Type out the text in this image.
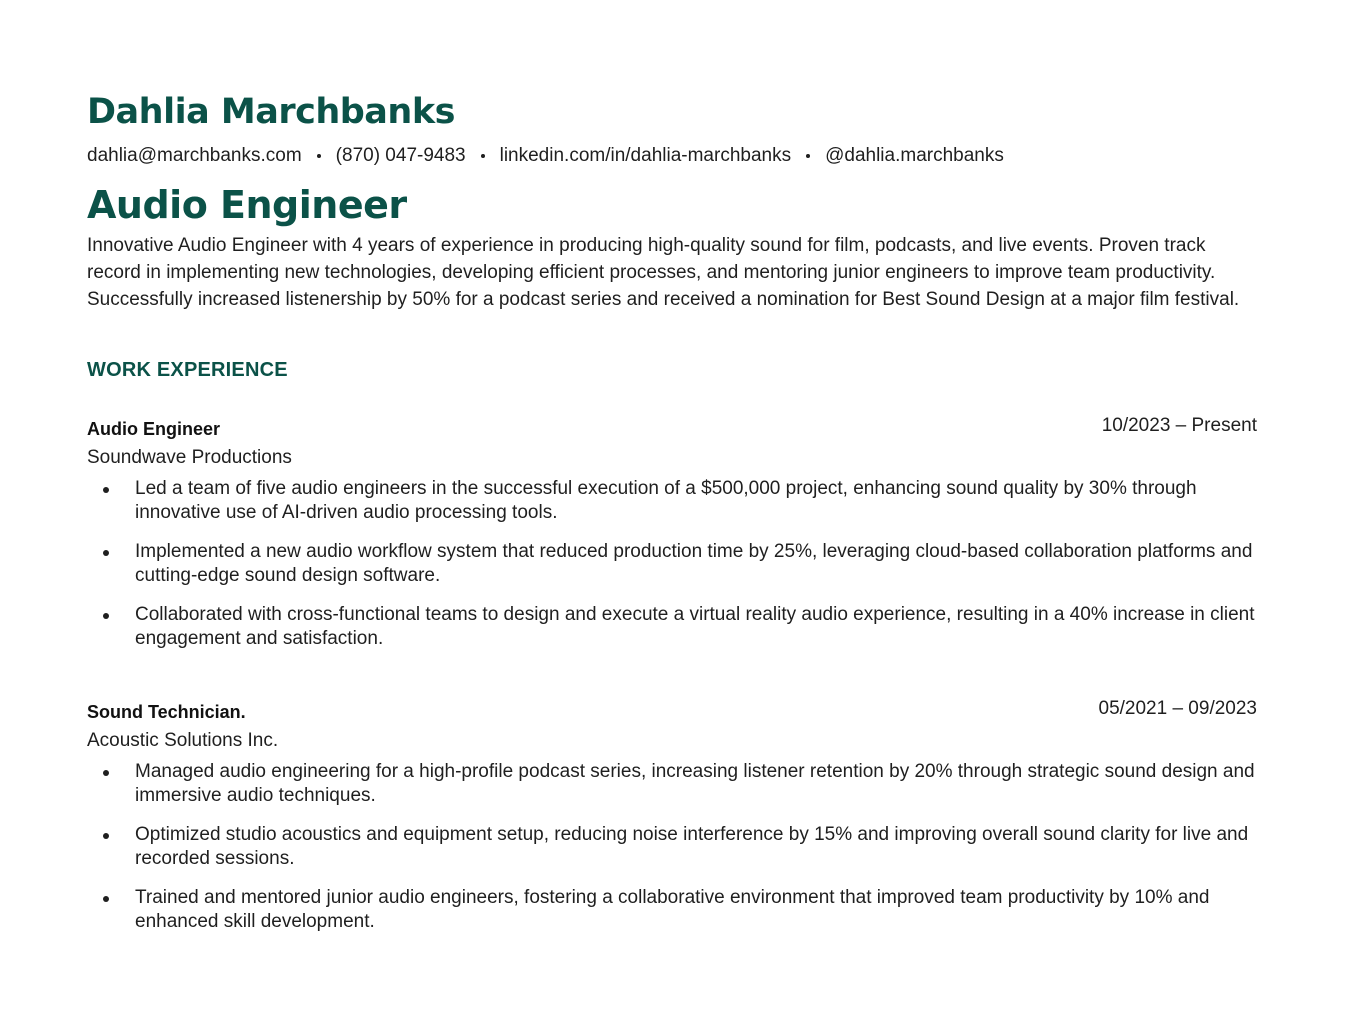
Dahlia Marchbanks
dahlia@marchbanks.com (870) 047-9483 linkedin.com/in/dahlia-marchbanks @dahlia.marchbanks
Audio Engineer
Innovative Audio Engineer with 4 years of experience in producing high-quality sound for film, podcasts, and live events. Proven track record in implementing new technologies, developing efficient processes, and mentoring junior engineers to improve team productivity. Successfully increased listenership by 50% for a podcast series and received a nomination for Best Sound Design at a major film festival.
WORK EXPERIENCE
Audio Engineer	10/2023 – Present
Soundwave Productions
Led a team of five audio engineers in the successful execution of a $500,000 project, enhancing sound quality by 30% through innovative use of AI-driven audio processing tools.
Implemented a new audio workflow system that reduced production time by 25%, leveraging cloud-based collaboration platforms and cutting-edge sound design software.
Collaborated with cross-functional teams to design and execute a virtual reality audio experience, resulting in a 40% increase in client engagement and satisfaction.
Sound Technician.	05/2021 – 09/2023
Acoustic Solutions Inc.
Managed audio engineering for a high-profile podcast series, increasing listener retention by 20% through strategic sound design and immersive audio techniques.
Optimized studio acoustics and equipment setup, reducing noise interference by 15% and improving overall sound clarity for live and recorded sessions.
Trained and mentored junior audio engineers, fostering a collaborative environment that improved team productivity by 10% and enhanced skill development.
